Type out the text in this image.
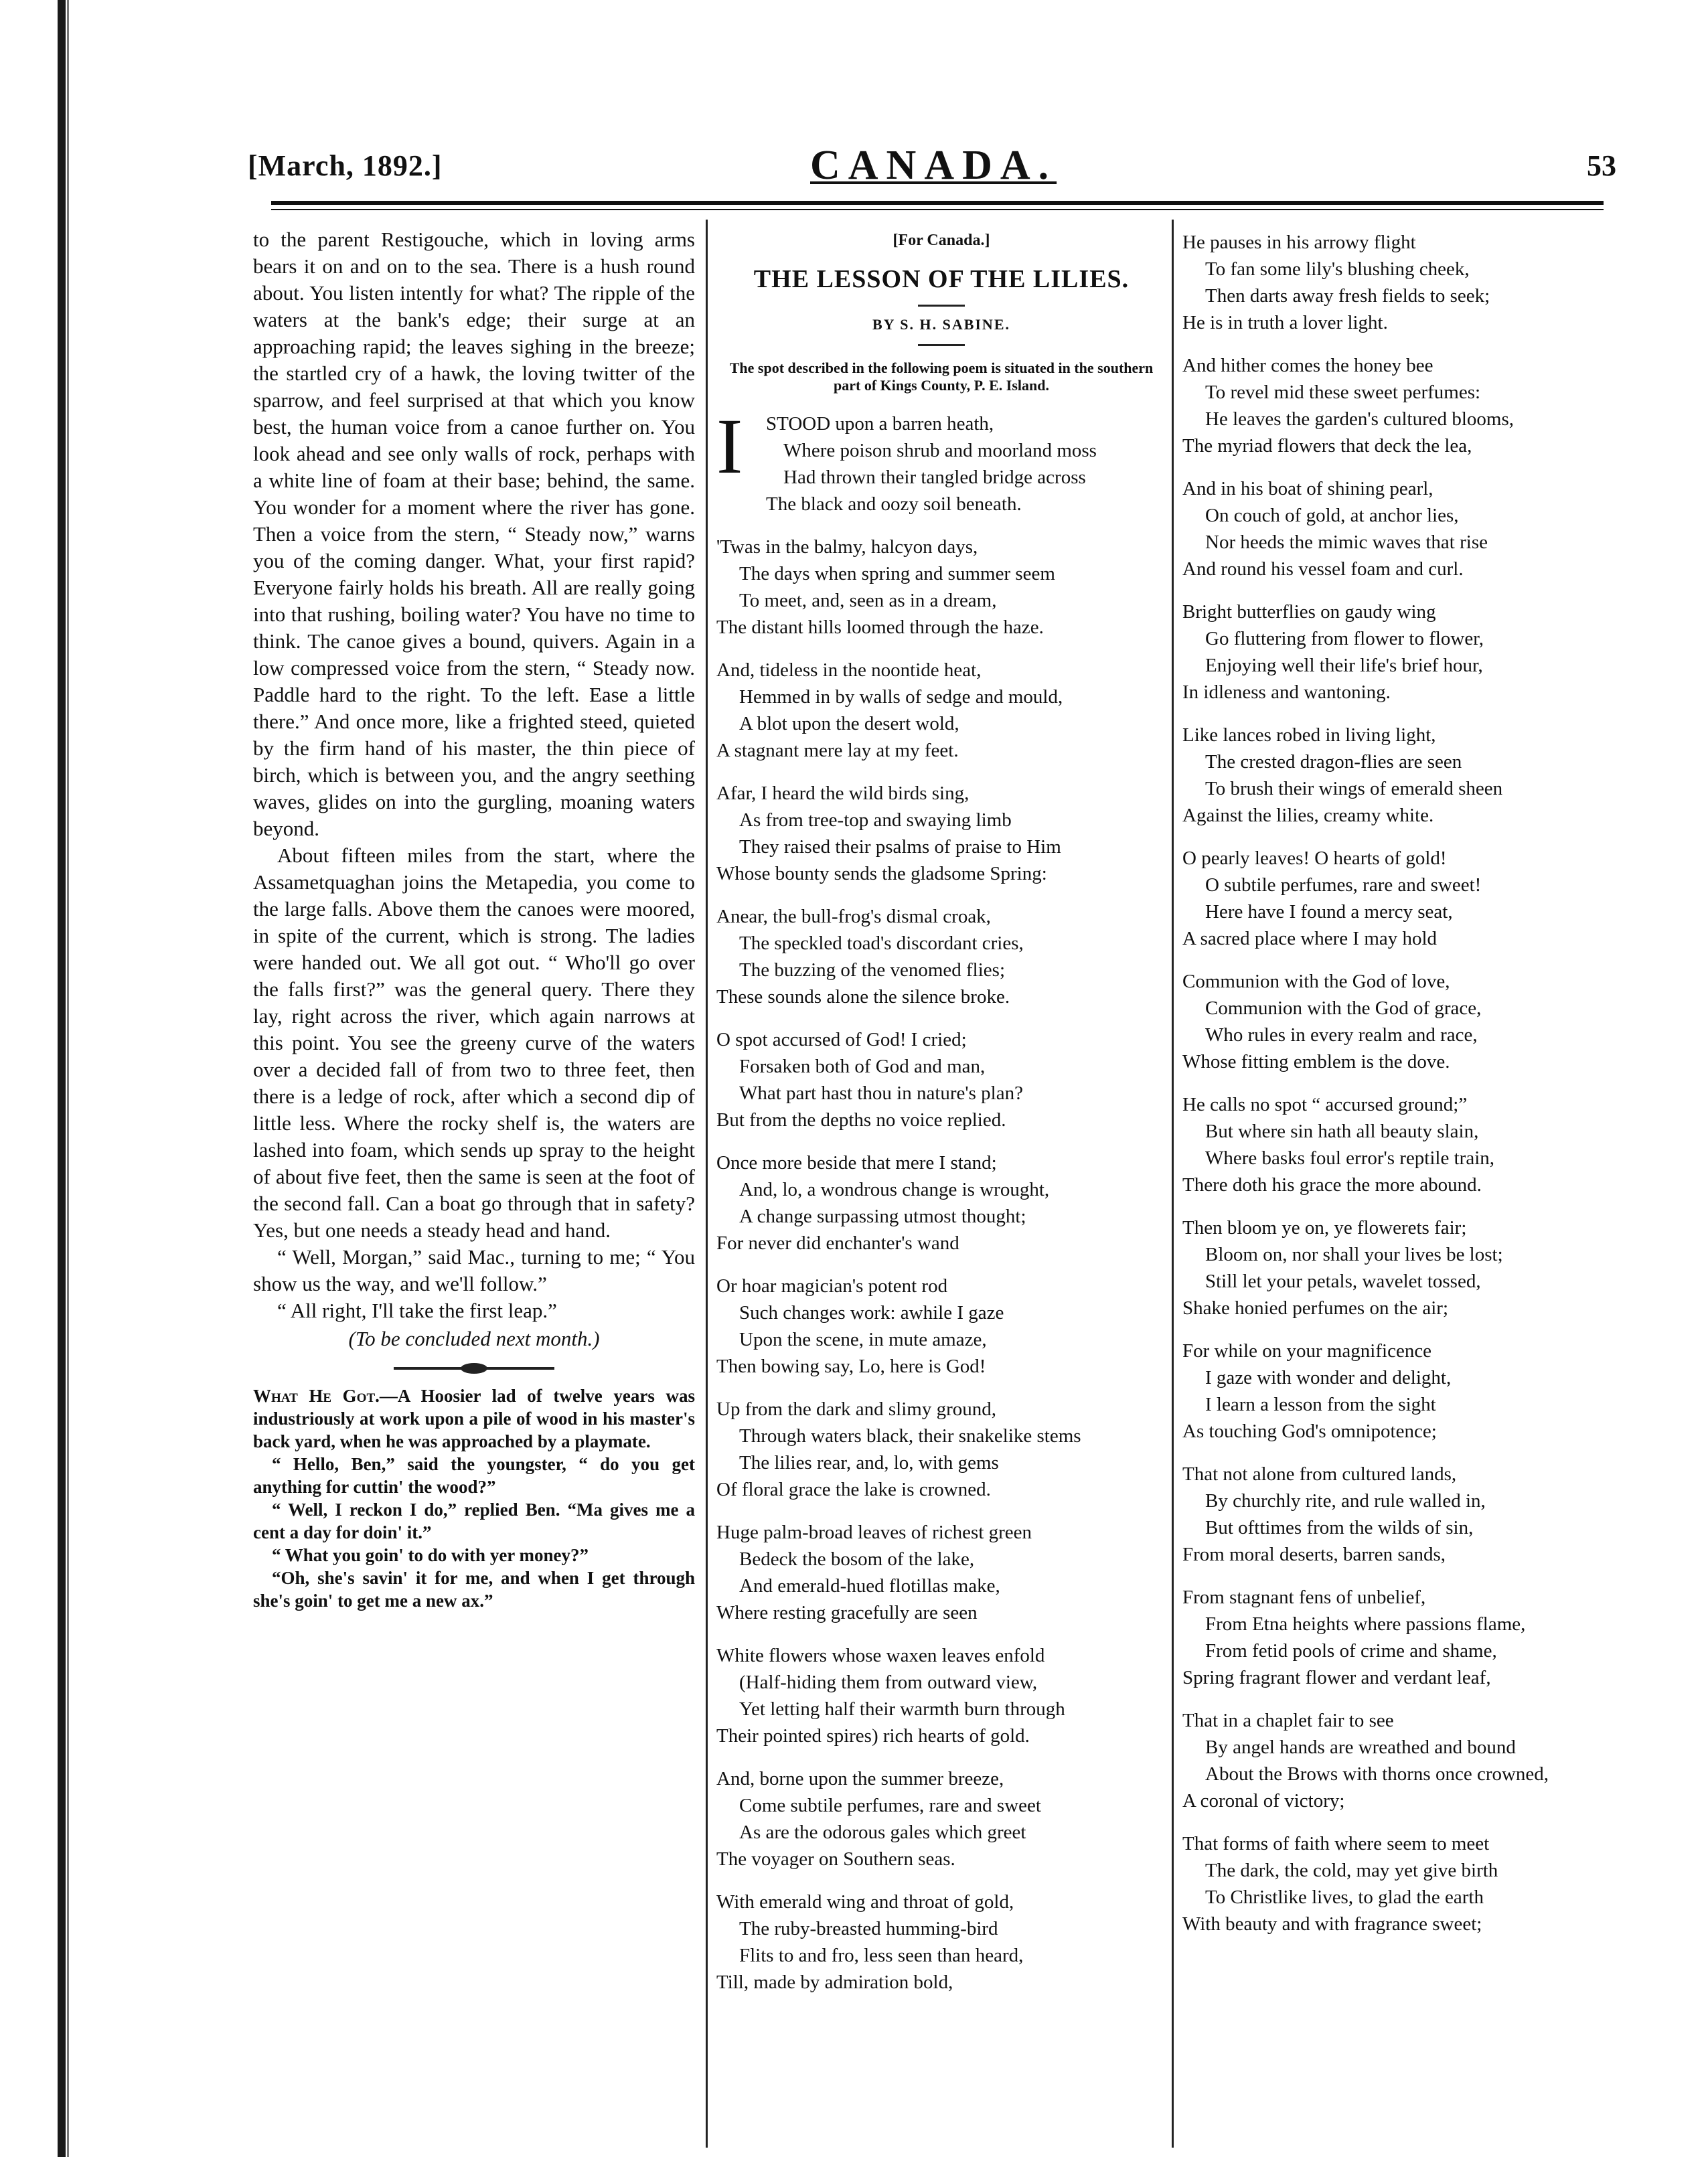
[March, 1892.]	CANADA.	53

to the parent Restigouche, which in loving arms bears it on and on to the sea. There is a hush round about. You listen intently for what? The ripple of the waters at the bank's edge; their surge at an approaching rapid; the leaves sighing in the breeze; the startled cry of a hawk, the loving twitter of the sparrow, and feel surprised at that which you know best, the human voice from a canoe further on. You look ahead and see only walls of rock, perhaps with a white line of foam at their base; behind, the same. You wonder for a moment where the river has gone. Then a voice from the stern, “ Steady now,” warns you of the coming danger. What, your first rapid? Everyone fairly holds his breath. All are really going into that rushing, boiling water? You have no time to think. The canoe gives a bound, quivers. Again in a low compressed voice from the stern, “ Steady now. Paddle hard to the right. To the left. Ease a little there.” And once more, like a frighted steed, quieted by the firm hand of his master, the thin piece of birch, which is between you, and the angry seething waves, glides on into the gurgling, moaning waters beyond.

About fifteen miles from the start, where the Assametquaghan joins the Metapedia, you come to the large falls. Above them the canoes were moored, in spite of the current, which is strong. The ladies were handed out. We all got out. “ Who'll go over the falls first?” was the general query. There they lay, right across the river, which again narrows at this point. You see the greeny curve of the waters over a decided fall of from two to three feet, then there is a ledge of rock, after which a second dip of little less. Where the rocky shelf is, the waters are lashed into foam, which sends up spray to the height of about five feet, then the same is seen at the foot of the second fall. Can a boat go through that in safety? Yes, but one needs a steady head and hand.

“ Well, Morgan,” said Mac., turning to me; “ You show us the way, and we'll follow.”

“ All right, I'll take the first leap.”

(To be concluded next month.)

What He Got.—A Hoosier lad of twelve years was industriously at work upon a pile of wood in his master's back yard, when he was approached by a playmate.

“ Hello, Ben,” said the youngster, “ do you get anything for cuttin' the wood?”

“ Well, I reckon I do,” replied Ben. “Ma gives me a cent a day for doin' it.”

“ What you goin' to do with yer money?”

“Oh, she's savin' it for me, and when I get through she's goin' to get me a new ax.”

[For Canada.]
THE LESSON OF THE LILIES.
BY S. H. SABINE.
The spot described in the following poem is situated in the southern part of Kings County, P. E. Island.
I	STOOD upon a barren heath,
Where poison shrub and moorland moss
Had thrown their tangled bridge across
The black and oozy soil beneath.
'Twas in the balmy, halcyon days,
The days when spring and summer seem
To meet, and, seen as in a dream,
The distant hills loomed through the haze.
And, tideless in the noontide heat,
Hemmed in by walls of sedge and mould,
A blot upon the desert wold,
A stagnant mere lay at my feet.
Afar, I heard the wild birds sing,
As from tree-top and swaying limb
They raised their psalms of praise to Him
Whose bounty sends the gladsome Spring:
Anear, the bull-frog's dismal croak,
The speckled toad's discordant cries,
The buzzing of the venomed flies;
These sounds alone the silence broke.
O spot accursed of God! I cried;
Forsaken both of God and man,
What part hast thou in nature's plan?
But from the depths no voice replied.
Once more beside that mere I stand;
And, lo, a wondrous change is wrought,
A change surpassing utmost thought;
For never did enchanter's wand
Or hoar magician's potent rod
Such changes work: awhile I gaze
Upon the scene, in mute amaze,
Then bowing say, Lo, here is God!
Up from the dark and slimy ground,
Through waters black, their snakelike stems
The lilies rear, and, lo, with gems
Of floral grace the lake is crowned.
Huge palm-broad leaves of richest green
Bedeck the bosom of the lake,
And emerald-hued flotillas make,
Where resting gracefully are seen
White flowers whose waxen leaves enfold
(Half-hiding them from outward view,
Yet letting half their warmth burn through
Their pointed spires) rich hearts of gold.
And, borne upon the summer breeze,
Come subtile perfumes, rare and sweet
As are the odorous gales which greet
The voyager on Southern seas.
With emerald wing and throat of gold,
The ruby-breasted humming-bird
Flits to and fro, less seen than heard,
Till, made by admiration bold,
He pauses in his arrowy flight
To fan some lily's blushing cheek,
Then darts away fresh fields to seek;
He is in truth a lover light.
And hither comes the honey bee
To revel mid these sweet perfumes:
He leaves the garden's cultured blooms,
The myriad flowers that deck the lea,
And in his boat of shining pearl,
On couch of gold, at anchor lies,
Nor heeds the mimic waves that rise
And round his vessel foam and curl.
Bright butterflies on gaudy wing
Go fluttering from flower to flower,
Enjoying well their life's brief hour,
In idleness and wantoning.
Like lances robed in living light,
The crested dragon-flies are seen
To brush their wings of emerald sheen
Against the lilies, creamy white.
O pearly leaves! O hearts of gold!
O subtile perfumes, rare and sweet!
Here have I found a mercy seat,
A sacred place where I may hold
Communion with the God of love,
Communion with the God of grace,
Who rules in every realm and race,
Whose fitting emblem is the dove.
He calls no spot “ accursed ground;”
But where sin hath all beauty slain,
Where basks foul error's reptile train,
There doth his grace the more abound.
Then bloom ye on, ye flowerets fair;
Bloom on, nor shall your lives be lost;
Still let your petals, wavelet tossed,
Shake honied perfumes on the air;
For while on your magnificence
I gaze with wonder and delight,
I learn a lesson from the sight
As touching God's omnipotence;
That not alone from cultured lands,
By churchly rite, and rule walled in,
But ofttimes from the wilds of sin,
From moral deserts, barren sands,
From stagnant fens of unbelief,
From Etna heights where passions flame,
From fetid pools of crime and shame,
Spring fragrant flower and verdant leaf,
That in a chaplet fair to see
By angel hands are wreathed and bound
About the Brows with thorns once crowned,
A coronal of victory;
That forms of faith where seem to meet
The dark, the cold, may yet give birth
To Christlike lives, to glad the earth
With beauty and with fragrance sweet;
